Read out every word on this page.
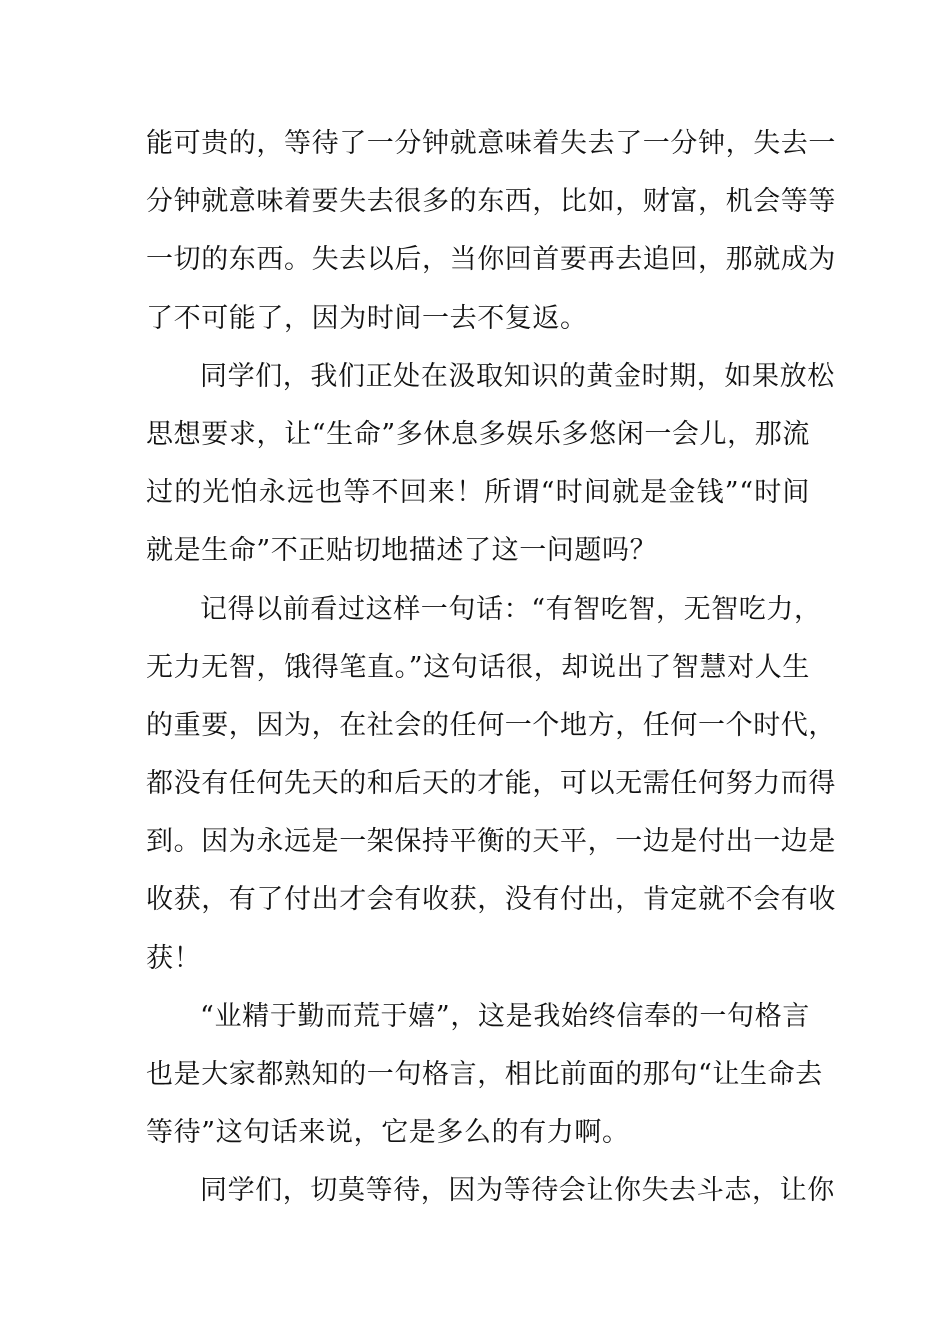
能可贵的，等待了一分钟就意味着失去了一分钟，失去一
分钟就意味着要失去很多的东西，比如，财富，机会等等
一切的东西。失去以后，当你回首要再去追回，那就成为
了不可能了，因为时间一去不复返。
同学们，我们正处在汲取知识的黄金时期，如果放松
思想要求，让“生命”多休息多娱乐多悠闲一会儿，那流
过的光怕永远也等不回来！所谓“时间就是金钱”“时间
就是生命”不正贴切地描述了这一问题吗？
记得以前看过这样一句话：“有智吃智，无智吃力，
无力无智，饿得笔直。”这句话很，却说出了智慧对人生
的重要，因为，在社会的任何一个地方，任何一个时代，
都没有任何先天的和后天的才能，可以无需任何努力而得
到。因为永远是一架保持平衡的天平，一边是付出一边是
收获，有了付出才会有收获，没有付出，肯定就不会有收
获！
“业精于勤而荒于嬉”，这是我始终信奉的一句格言
也是大家都熟知的一句格言，相比前面的那句“让生命去
等待”这句话来说，它是多么的有力啊。
同学们，切莫等待，因为等待会让你失去斗志，让你
